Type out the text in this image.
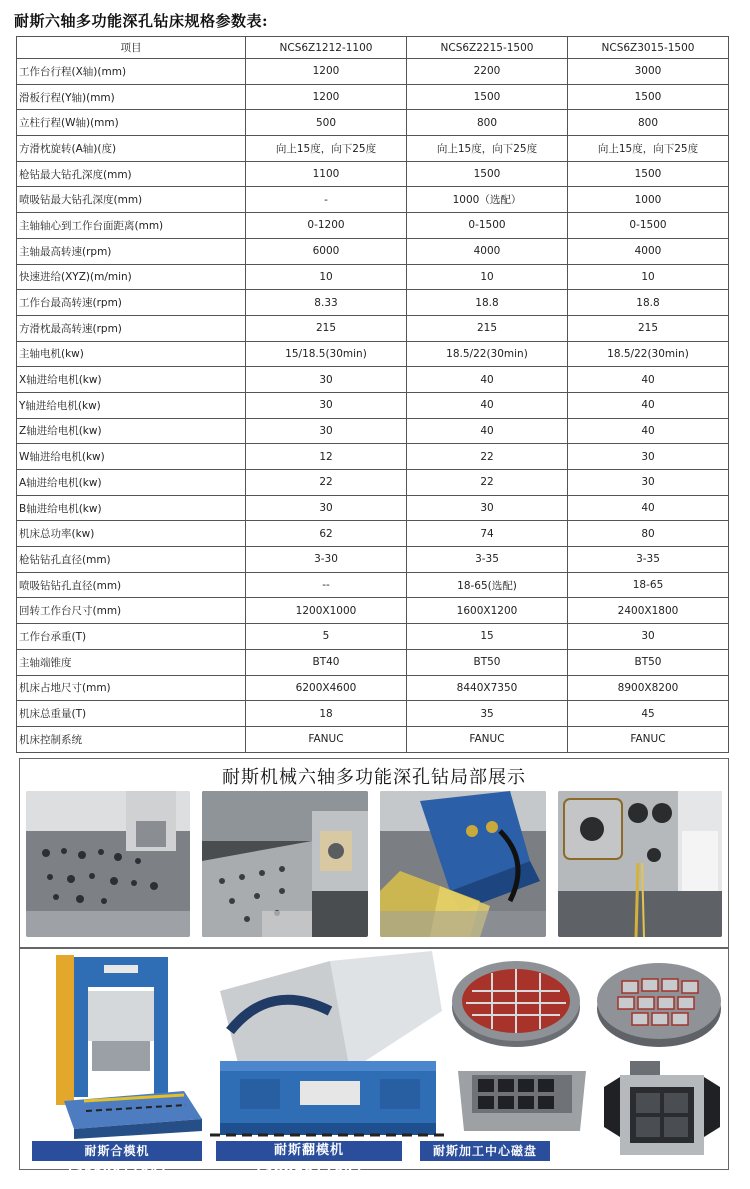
耐斯六轴多功能深孔钻床规格参数表:
项目	NCS6Z1212-1100	NCS6Z2215-1500	NCS6Z3015-1500
工作台行程(X轴)(mm)	1200	2200	3000
滑板行程(Y轴)(mm)	1200	1500	1500
立柱行程(W轴)(mm)	500	800	800
方滑枕旋转(A轴)(度)	向上15度，向下25度	向上15度，向下25度	向上15度，向下25度
枪钻最大钻孔深度(mm)	1100	1500	1500
喷吸钻最大钻孔深度(mm)	-	1000（选配）	1000
主轴轴心到工作台面距离(mm)	0-1200	0-1500	0-1500
主轴最高转速(rpm)	6000	4000	4000
快速进给(XYZ)(m/min)	10	10	10
工作台最高转速(rpm)	8.33	18.8	18.8
方滑枕最高转速(rpm)	215	215	215
主轴电机(kw)	15/18.5(30min)	18.5/22(30min)	18.5/22(30min)
X轴进给电机(kw)	30	40	40
Y轴进给电机(kw)	30	40	40
Z轴进给电机(kw)	30	40	40
W轴进给电机(kw)	12	22	30
A轴进给电机(kw)	22	22	30
B轴进给电机(kw)	30	30	40
机床总功率(kw)	62	74	80
枪钻钻孔直径(mm)	3-30	3-35	3-35
喷吸钻钻孔直径(mm)	--	18-65(选配)	18-65
回转工作台尺寸(mm)	1200X1000	1600X1200	2400X1800
工作台承重(T)	5	15	30
主轴端锥度	BT40	BT50	BT50
机床占地尺寸(mm)	6200X4600	8440X7350	8900X8200
机床总重量(T)	18	35	45
机床控制系统	FANUC	FANUC	FANUC
耐斯机械六轴多功能深孔钻局部展示
耐斯合模机 13669811841
耐斯翻模机 13669811841
耐斯加工中心磁盘
